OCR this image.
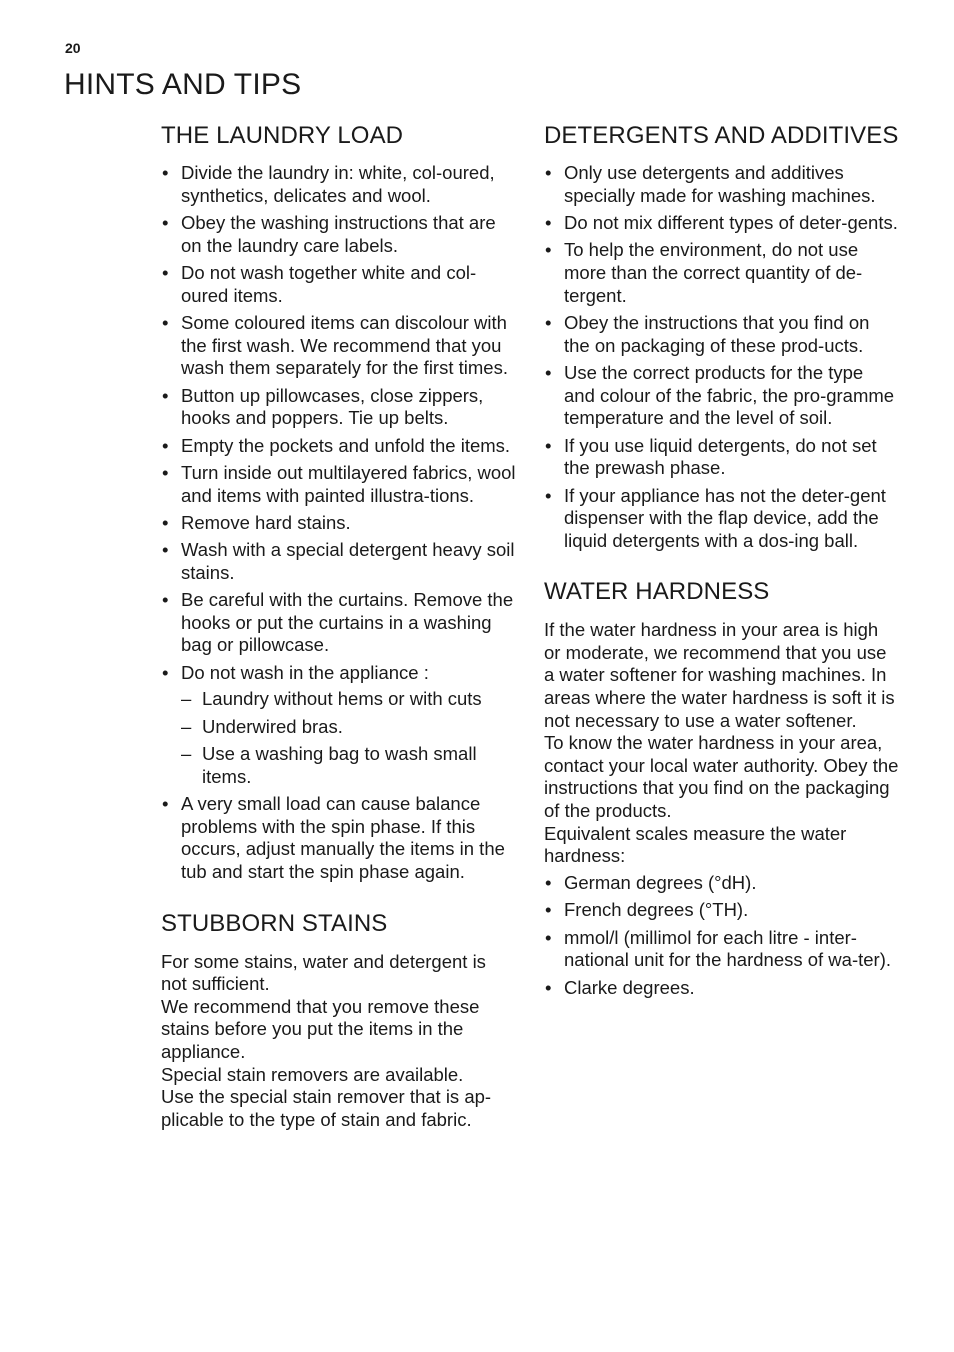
20
HINTS AND TIPS
THE LAUNDRY LOAD
• Divide the laundry in: white, col-oured, synthetics, delicates and wool.
• Obey the washing instructions that are on the laundry care labels.
• Do not wash together white and col-oured items.
• Some coloured items can discolour with the first wash. We recommend that you wash them separately for the first times.
• Button up pillowcases, close zippers, hooks and poppers. Tie up belts.
• Empty the pockets and unfold the items.
• Turn inside out multilayered fabrics, wool and items with painted illustra-tions.
• Remove hard stains.
• Wash with a special detergent heavy soil stains.
• Be careful with the curtains. Remove the hooks or put the curtains in a washing bag or pillowcase.
• Do not wash in the appliance :
– Laundry without hems or with cuts
– Underwired bras.
– Use a washing bag to wash small items.
• A very small load can cause balance problems with the spin phase. If this occurs, adjust manually the items in the tub and start the spin phase again.
STUBBORN STAINS

For some stains, water and detergent is not sufficient.

We recommend that you remove these stains before you put the items in the appliance.

Special stain removers are available.

Use the special stain remover that is ap-plicable to the type of stain and fabric.

DETERGENTS AND ADDITIVES
• Only use detergents and additives specially made for washing machines.
• Do not mix different types of deter-gents.
• To help the environment, do not use more than the correct quantity of de-tergent.
• Obey the instructions that you find on the on packaging of these prod-ucts.
• Use the correct products for the type and colour of the fabric, the pro-gramme temperature and the level of soil.
• If you use liquid detergents, do not set the prewash phase.
• If your appliance has not the deter-gent dispenser with the flap device, add the liquid detergents with a dos-ing ball.
WATER HARDNESS

If the water hardness in your area is high or moderate, we recommend that you use a water softener for washing machines. In areas where the water hardness is soft it is not necessary to use a water softener.

To know the water hardness in your area, contact your local water authority. Obey the instructions that you find on the packaging of the products.

Equivalent scales measure the water hardness:

• German degrees (°dH).
• French degrees (°TH).
• mmol/l (millimol for each litre - inter-national unit for the hardness of wa-ter).
• Clarke degrees.
